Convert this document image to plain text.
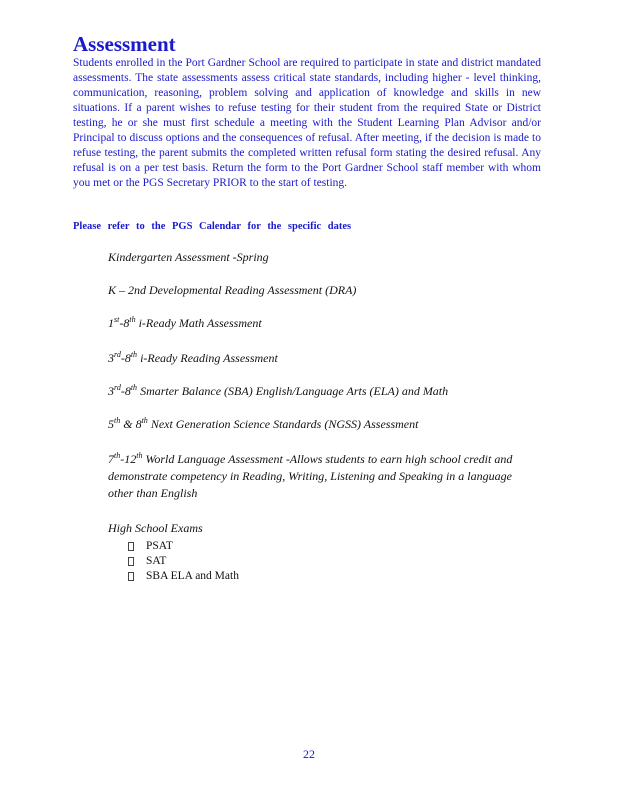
Assessment

Students enrolled in the Port Gardner School are required to participate in state and district mandated assessments. The state assessments assess critical state standards, including higher - level thinking, communication, reasoning, problem solving and application of knowledge and skills in new situations. If a parent wishes to refuse testing for their student from the required State or District testing, he or she must first schedule a meeting with the Student Learning Plan Advisor and/or Principal to discuss options and the consequences of refusal. After meeting, if the decision is made to refuse testing, the parent submits the completed written refusal form stating the desired refusal. Any refusal is on a per test basis. Return the form to the Port Gardner School staff member with whom you met or the PGS Secretary PRIOR to the start of testing.

Please refer to the PGS Calendar for the specific dates

Kindergarten Assessment -Spring
K – 2nd Developmental Reading Assessment (DRA)
1st-8th i-Ready Math Assessment
3rd-8th i-Ready Reading Assessment
3rd-8th Smarter Balance (SBA) English/Language Arts (ELA) and Math
5th & 8th Next Generation Science Standards (NGSS) Assessment
7th-12th World Language Assessment -Allows students to earn high school credit and demonstrate competency in Reading, Writing, Listening and Speaking in a language other than English
High School Exams
PSAT
SAT
SBA ELA and Math
22
